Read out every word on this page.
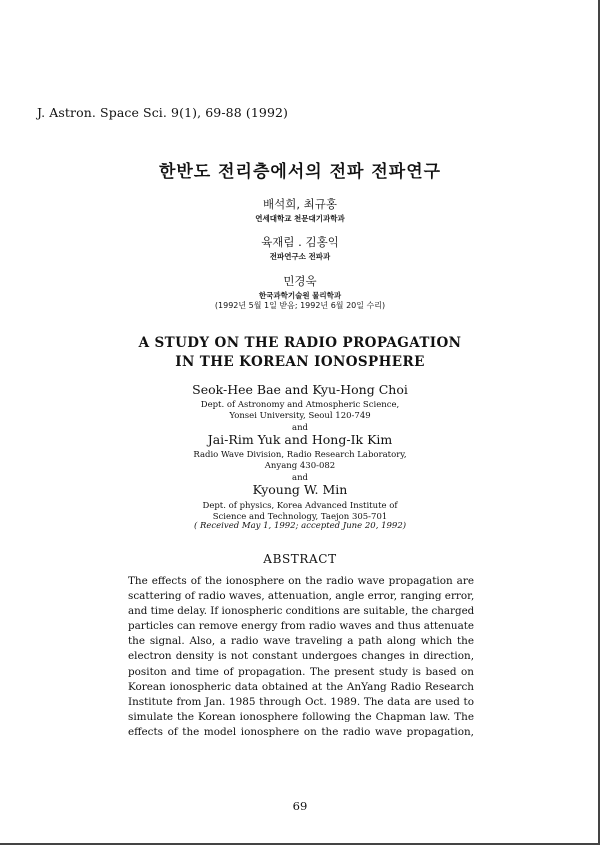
J. Astron. Space Sci. 9(1), 69-88 (1992)
한반도 전리층에서의 전파 전파연구
배석희, 최규홍
연세대학교 천문대기과학과
육재림 . 김홍익
전파연구소 전파과
민경욱
한국과학기술원 물리학과
(1992년 5월 1일 받음; 1992년 6월 20일 수리)
A STUDY ON THE RADIO PROPAGATION
IN THE KOREAN IONOSPHERE
Seok-Hee Bae and Kyu-Hong Choi
Dept. of Astronomy and Atmospheric Science,
Yonsei University, Seoul 120-749
and
Jai-Rim Yuk and Hong-Ik Kim
Radio Wave Division, Radio Research Laboratory,
Anyang 430-082
and
Kyoung W. Min
Dept. of physics, Korea Advanced Institute of
Science and Technology, Taejon 305-701
( Received May 1, 1992; accepted June 20, 1992)
ABSTRACT
The effects of the ionosphere on the radio wave propagation are
scattering of radio waves, attenuation, angle error, ranging error,
and time delay. If ionospheric conditions are suitable, the charged
particles can remove energy from radio waves and thus attenuate
the signal. Also, a radio wave traveling a path along which the
electron density is not constant undergoes changes in direction,
positon and time of propagation. The present study is based on
Korean ionospheric data obtained at the AnYang Radio Research
Institute from Jan. 1985 through Oct. 1989. The data are used to
simulate the Korean ionosphere following the Chapman law. The
effects of the model ionosphere on the radio wave propagation,
69
